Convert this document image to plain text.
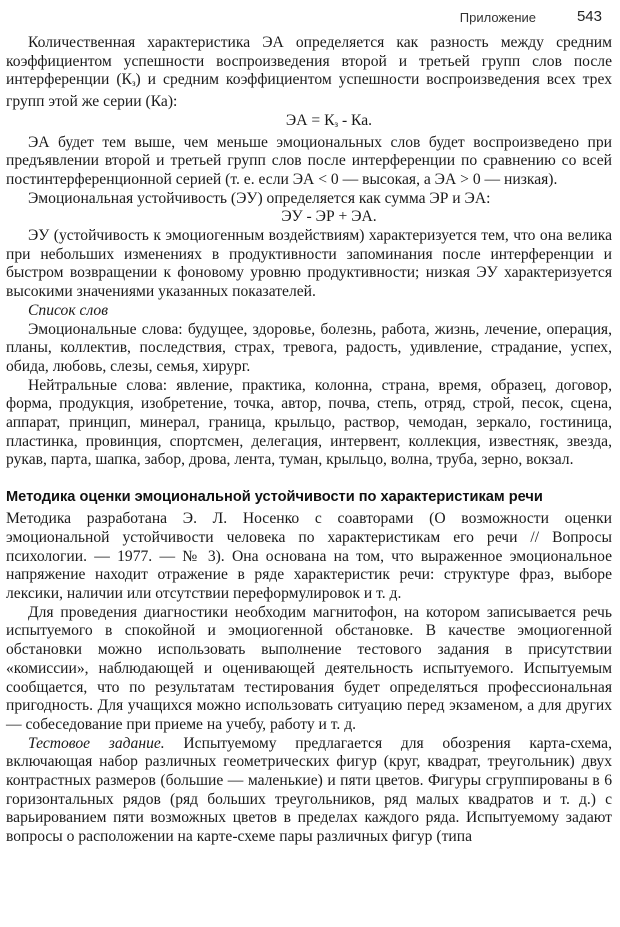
Приложение	543

Количественная характеристика ЭА определяется как разность между средним коэффициентом успешности воспроизведения второй и третьей групп слов после интерференции $(К_з)$ и средним коэффициентом успешности воспроизведения всех трех групп этой же серии (Ка):

ЭА = $К_з$ - Ка.

ЭА будет тем выше, чем меньше эмоциональных слов будет воспроизведено при предъявлении второй и третьей групп слов после интерференции по сравнению со всей постинтерференционной серией (т. е. если ЭА < 0 — высокая, а ЭА > 0 — низкая).

Эмоциональная устойчивость (ЭУ) определяется как сумма ЭР и ЭА:

ЭУ - ЭР + ЭА.

ЭУ (устойчивость к эмоциогенным воздействиям) характеризуется тем, что она велика при небольших изменениях в продуктивности запоминания после интерференции и быстром возвращении к фоновому уровню продуктивности; низкая ЭУ характеризуется высокими значениями указанных показателей.

Список слов

Эмоциональные слова: будущее, здоровье, болезнь, работа, жизнь, лечение, операция, планы, коллектив, последствия, страх, тревога, радость, удивление, страдание, успех, обида, любовь, слезы, семья, хирург.

Нейтральные слова: явление, практика, колонна, страна, время, образец, договор, форма, продукция, изобретение, точка, автор, почва, степь, отряд, строй, песок, сцена, аппарат, принцип, минерал, граница, крыльцо, раствор, чемодан, зеркало, гостиница, пластинка, провинция, спортсмен, делегация, интервент, коллекция, известняк, звезда, рукав, парта, шапка, забор, дрова, лента, туман, крыльцо, волна, труба, зерно, вокзал.

Методика оценки эмоциональной устойчивости по характеристикам речи

Методика разработана Э. Л. Носенко с соавторами (О возможности оценки эмоциональной устойчивости человека по характеристикам его речи // Вопросы психологии. — 1977. — № 3). Она основана на том, что выраженное эмоциональное напряжение находит отражение в ряде характеристик речи: структуре фраз, выборе лексики, наличии или отсутствии переформулировок и т. д.

Для проведения диагностики необходим магнитофон, на котором записывается речь испытуемого в спокойной и эмоциогенной обстановке. В качестве эмоциогенной обстановки можно использовать выполнение тестового задания в присутствии «комиссии», наблюдающей и оценивающей деятельность испытуемого. Испытуемым сообщается, что по результатам тестирования будет определяться профессиональная пригодность. Для учащихся можно использовать ситуацию перед экзаменом, а для других — собеседование при приеме на учебу, работу и т. д.

Тестовое задание. Испытуемому предлагается для обозрения карта-схема, включающая набор различных геометрических фигур (круг, квадрат, треугольник) двух контрастных размеров (большие — маленькие) и пяти цветов. Фигуры сгруппированы в 6 горизонтальных рядов (ряд больших треугольников, ряд малых квадратов и т. д.) с варьированием пяти возможных цветов в пределах каждого ряда. Испытуемому задают вопросы о расположении на карте-схеме пары различных фигур (типа
